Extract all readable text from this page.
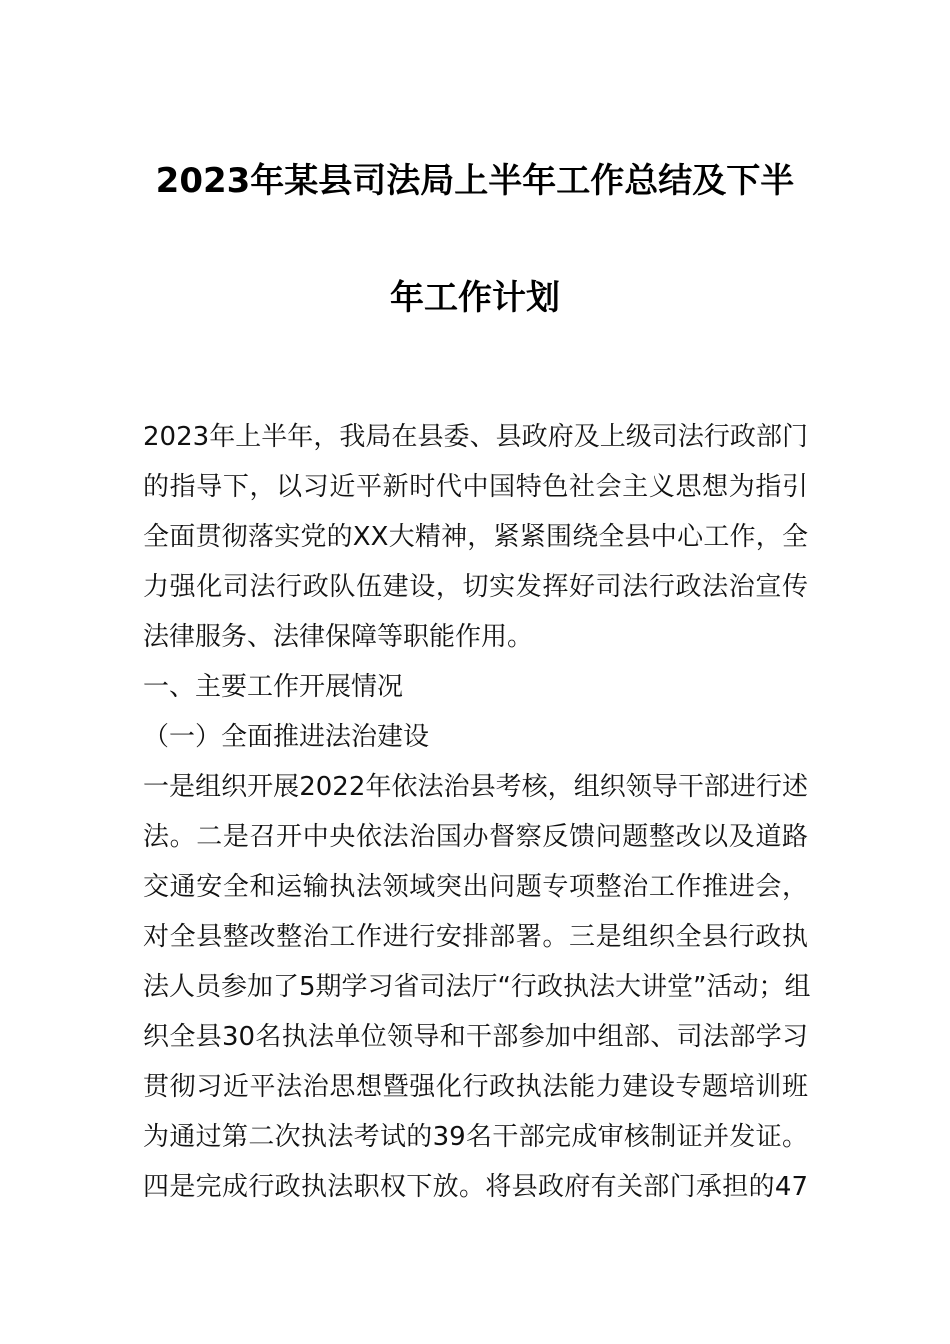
2023年某县司法局上半年工作总结及下半
年工作计划
2023年上半年，我局在县委、县政府及上级司法行政部门
的指导下，以习近平新时代中国特色社会主义思想为指引
全面贯彻落实党的XX大精神，紧紧围绕全县中心工作，全
力强化司法行政队伍建设，切实发挥好司法行政法治宣传
法律服务、法律保障等职能作用。
一、主要工作开展情况
（一）全面推进法治建设
一是组织开展2022年依法治县考核，组织领导干部进行述
法。二是召开中央依法治国办督察反馈问题整改以及道路
交通安全和运输执法领域突出问题专项整治工作推进会，
对全县整改整治工作进行安排部署。三是组织全县行政执
法人员参加了5期学习省司法厅“行政执法大讲堂”活动；组
织全县30名执法单位领导和干部参加中组部、司法部学习
贯彻习近平法治思想暨强化行政执法能力建设专题培训班
为通过第二次执法考试的39名干部完成审核制证并发证。
四是完成行政执法职权下放。将县政府有关部门承担的47
